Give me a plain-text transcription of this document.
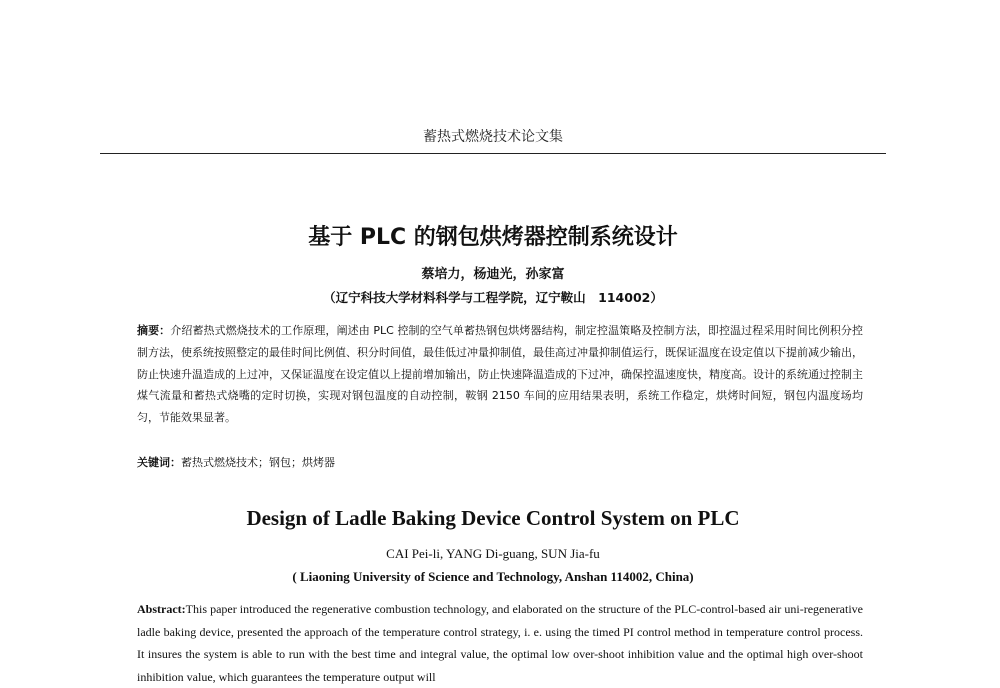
蓄热式燃烧技术论文集
基于 PLC 的钢包烘烤器控制系统设计
蔡培力，杨迪光，孙家富
（辽宁科技大学材料科学与工程学院，辽宁鞍山　114002）
摘要：介绍蓄热式燃烧技术的工作原理，阐述由 PLC 控制的空气单蓄热钢包烘烤器结构，制定控温策略及控制方法，即控温过程采用时间比例积分控制方法，使系统按照整定的最佳时间比例值、积分时间值，最佳低过冲量抑制值，最佳高过冲量抑制值运行，既保证温度在设定值以下提前减少输出，防止快速升温造成的上过冲，又保证温度在设定值以上提前增加输出，防止快速降温造成的下过冲，确保控温速度快，精度高。设计的系统通过控制主煤气流量和蓄热式烧嘴的定时切换，实现对钢包温度的自动控制，鞍钢 2150 车间的应用结果表明，系统工作稳定，烘烤时间短，钢包内温度场均匀，节能效果显著。
关键词：蓄热式燃烧技术；钢包；烘烤器
Design of Ladle Baking Device Control System on PLC
CAI Pei-li, YANG Di-guang, SUN Jia-fu
( Liaoning University of Science and Technology, Anshan 114002, China)
Abstract:This paper introduced the regenerative combustion technology, and elaborated on the structure of the PLC-control-based air uni-regenerative ladle baking device, presented the approach of the temperature control strategy, i. e. using the timed PI control method in temperature control process. It insures the system is able to run with the best time and integral value, the optimal low over-shoot inhibition value and the optimal high over-shoot inhibition value, which guarantees the temperature output will
